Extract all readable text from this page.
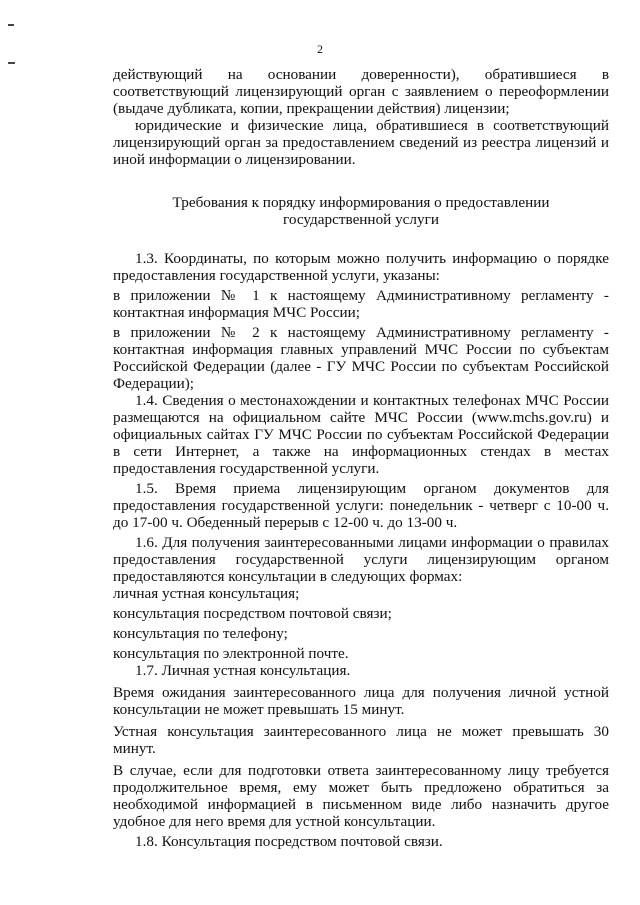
2

действующий на основании доверенности), обратившиеся в соответствующий лицензирующий орган с заявлением о переоформлении (выдаче дубликата, копии, прекращении действия) лицензии;

юридические и физические лица, обратившиеся в соответствующий лицензирующий орган за предоставлением сведений из реестра лицензий и иной информации о лицензировании.

Требования к порядку информирования о предоставлении

государственной услуги

1.3. Координаты, по которым можно получить информацию о порядке предоставления государственной услуги, указаны:

в приложении № 1 к настоящему Административному регламенту - контактная информация МЧС России;

в приложении № 2 к настоящему Административному регламенту - контактная информация главных управлений МЧС России по субъектам Российской Федерации (далее - ГУ МЧС России по субъектам Российской Федерации);

1.4. Сведения о местонахождении и контактных телефонах МЧС России размещаются на официальном сайте МЧС России (www.mchs.gov.ru) и официальных сайтах ГУ МЧС России по субъектам Российской Федерации в сети Интернет, а также на информационных стендах в местах предоставления государственной услуги.

1.5. Время приема лицензирующим органом документов для предоставления государственной услуги: понедельник - четверг с 10-00 ч. до 17-00 ч. Обеденный перерыв с 12-00 ч. до 13-00 ч.

1.6. Для получения заинтересованными лицами информации о правилах предоставления государственной услуги лицензирующим органом предоставляются консультации в следующих формах:

личная устная консультация;

консультация посредством почтовой связи;

консультация по телефону;

консультация по электронной почте.

1.7. Личная устная консультация.

Время ожидания заинтересованного лица для получения личной устной консультации не может превышать 15 минут.

Устная консультация заинтересованного лица не может превышать 30 минут.

В случае, если для подготовки ответа заинтересованному лицу требуется продолжительное время, ему может быть предложено обратиться за необходимой информацией в письменном виде либо назначить другое удобное для него время для устной консультации.

1.8. Консультация посредством почтовой связи.
